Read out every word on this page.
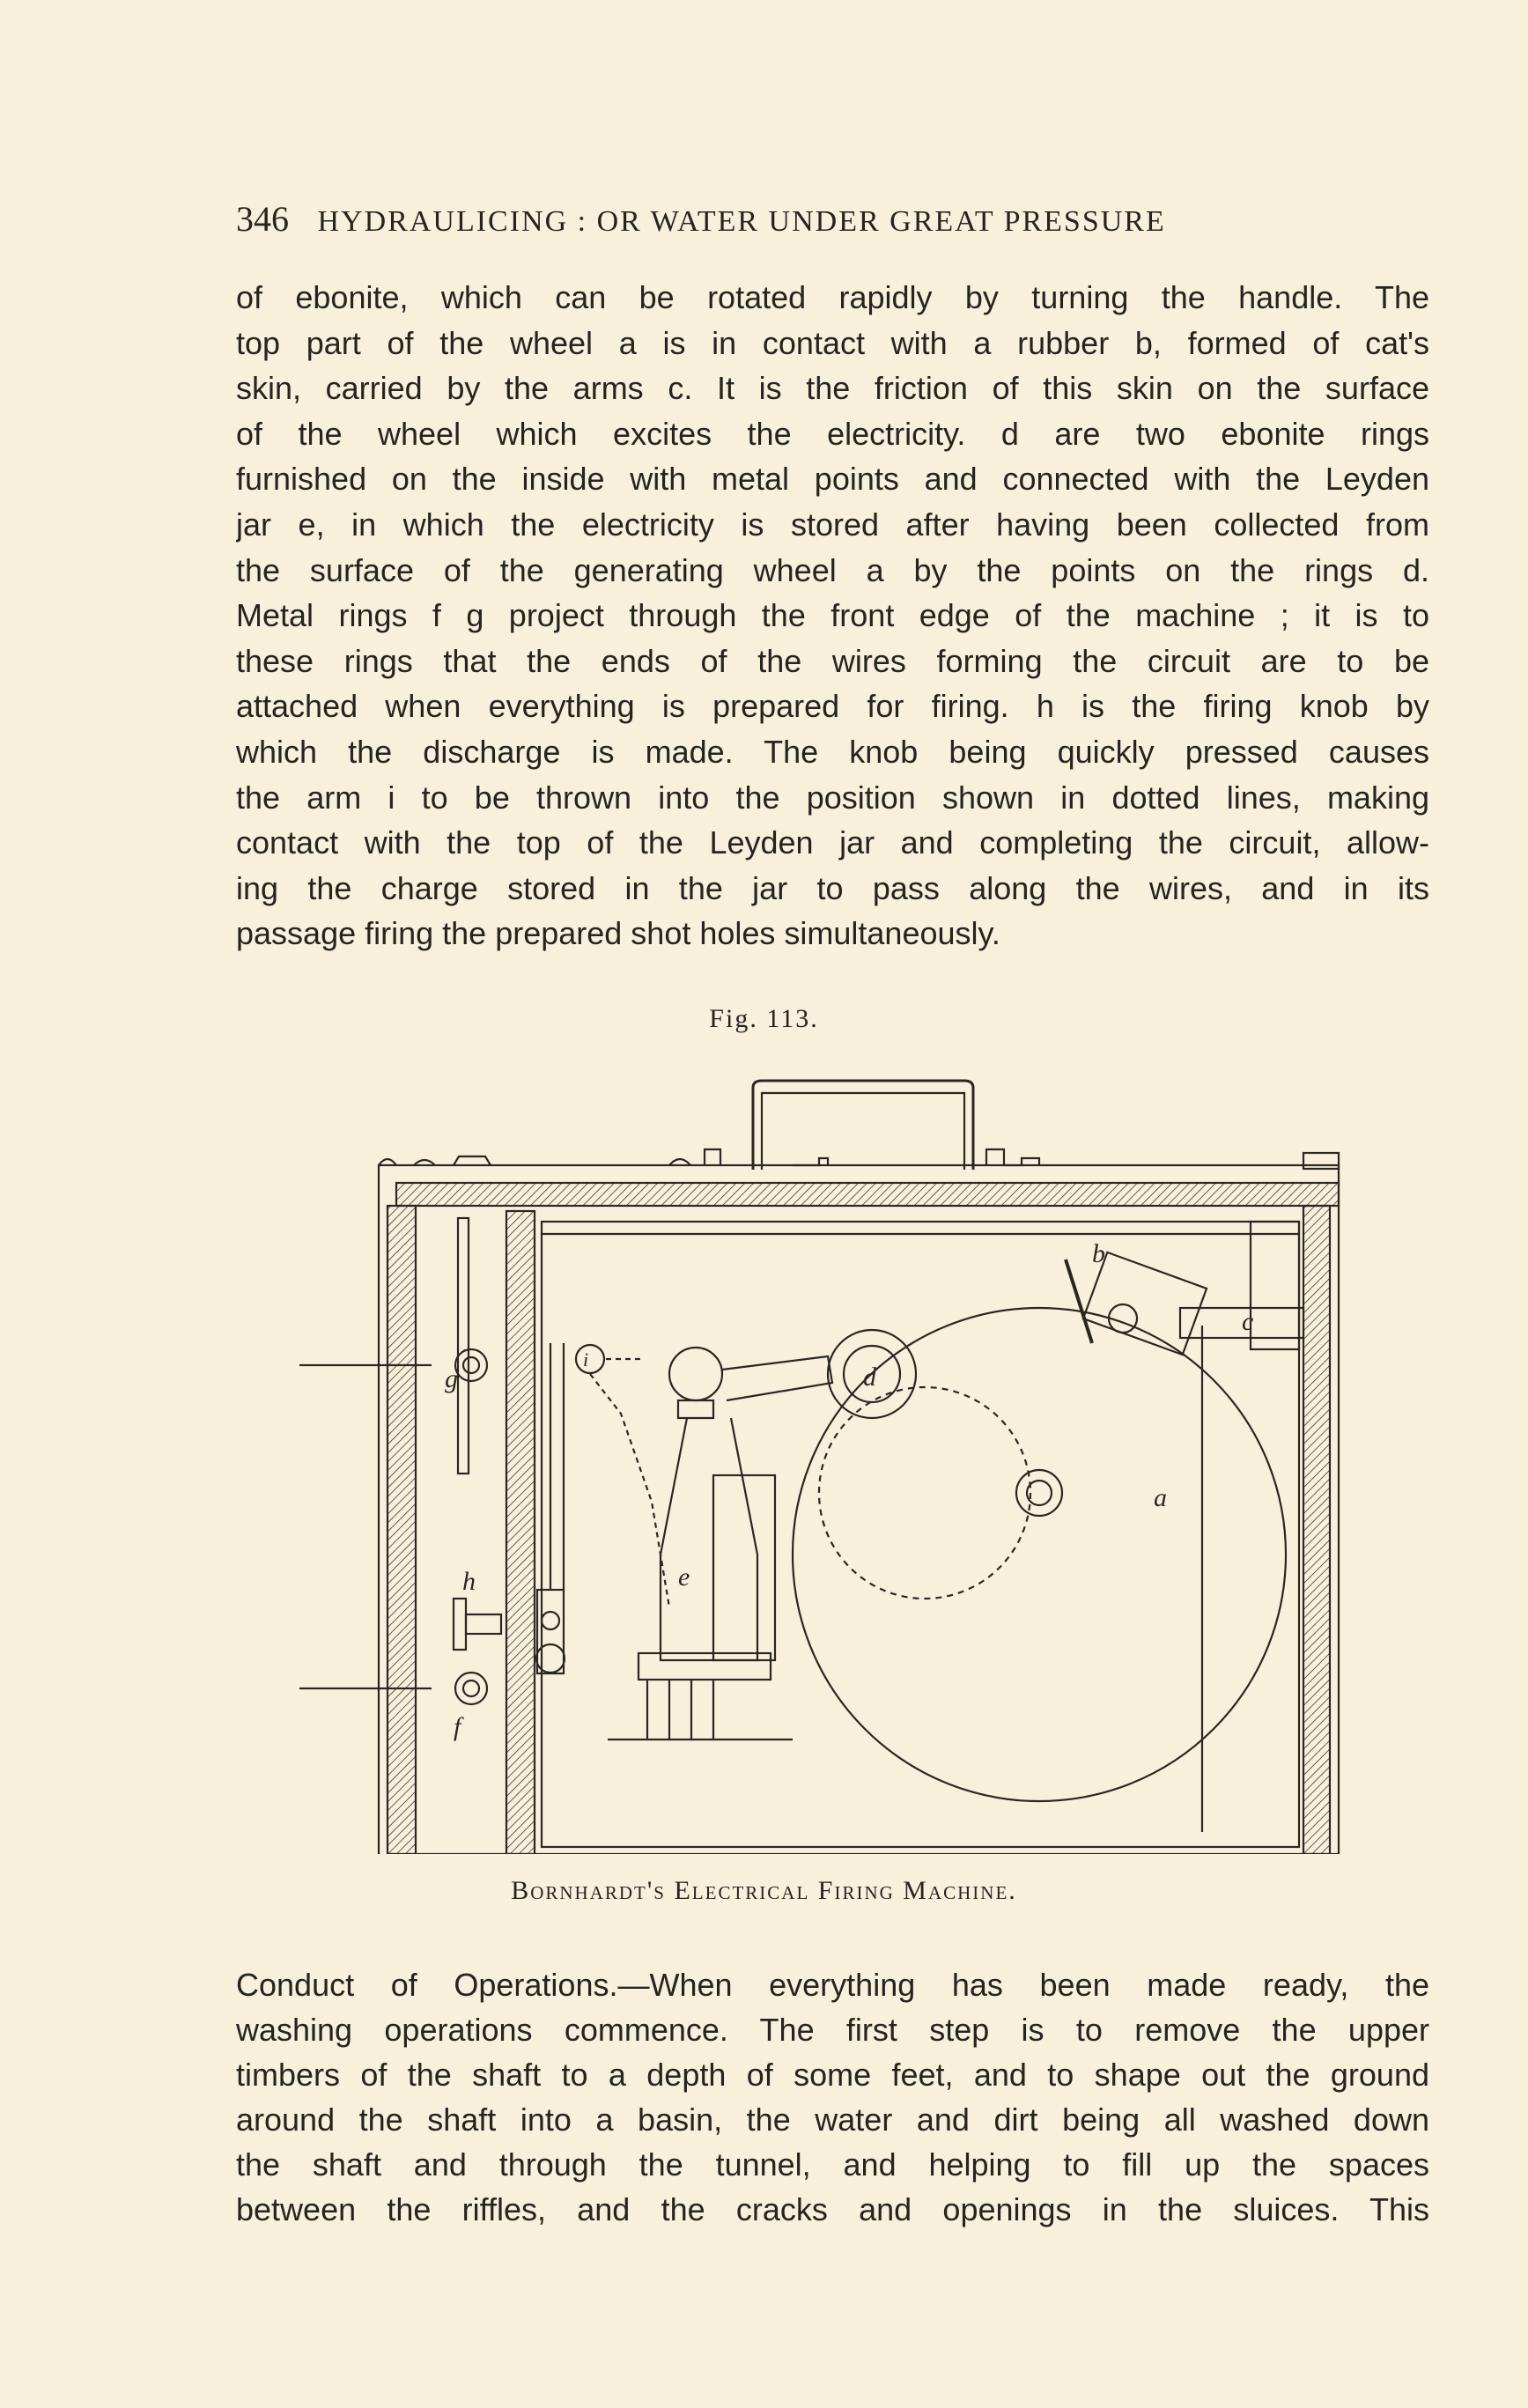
346 HYDRAULICING : OR WATER UNDER GREAT PRESSURE
of ebonite, which can be rotated rapidly by turning the handle. The
top part of the wheel a is in contact with a rubber b, formed of cat's
skin, carried by the arms c. It is the friction of this skin on the surface
of the wheel which excites the electricity. d are two ebonite rings
furnished on the inside with metal points and connected with the Leyden
jar e, in which the electricity is stored after having been collected from
the surface of the generating wheel a by the points on the rings d.
Metal rings f g project through the front edge of the machine ; it is to
these rings that the ends of the wires forming the circuit are to be
attached when everything is prepared for firing. h is the firing knob by
which the discharge is made. The knob being quickly pressed causes
the arm i to be thrown into the position shown in dotted lines, making
contact with the top of the Leyden jar and completing the circuit, allow-
ing the charge stored in the jar to pass along the wires, and in its
passage firing the prepared shot holes simultaneously.
Fig. 113.
c
b
d
a
e
h
f
g
i
Bornhardt's Electrical Firing Machine.
Conduct of Operations.—When everything has been made ready, the
washing operations commence. The first step is to remove the upper
timbers of the shaft to a depth of some feet, and to shape out the ground
around the shaft into a basin, the water and dirt being all washed down
the shaft and through the tunnel, and helping to fill up the spaces
between the riffles, and the cracks and openings in the sluices. This
